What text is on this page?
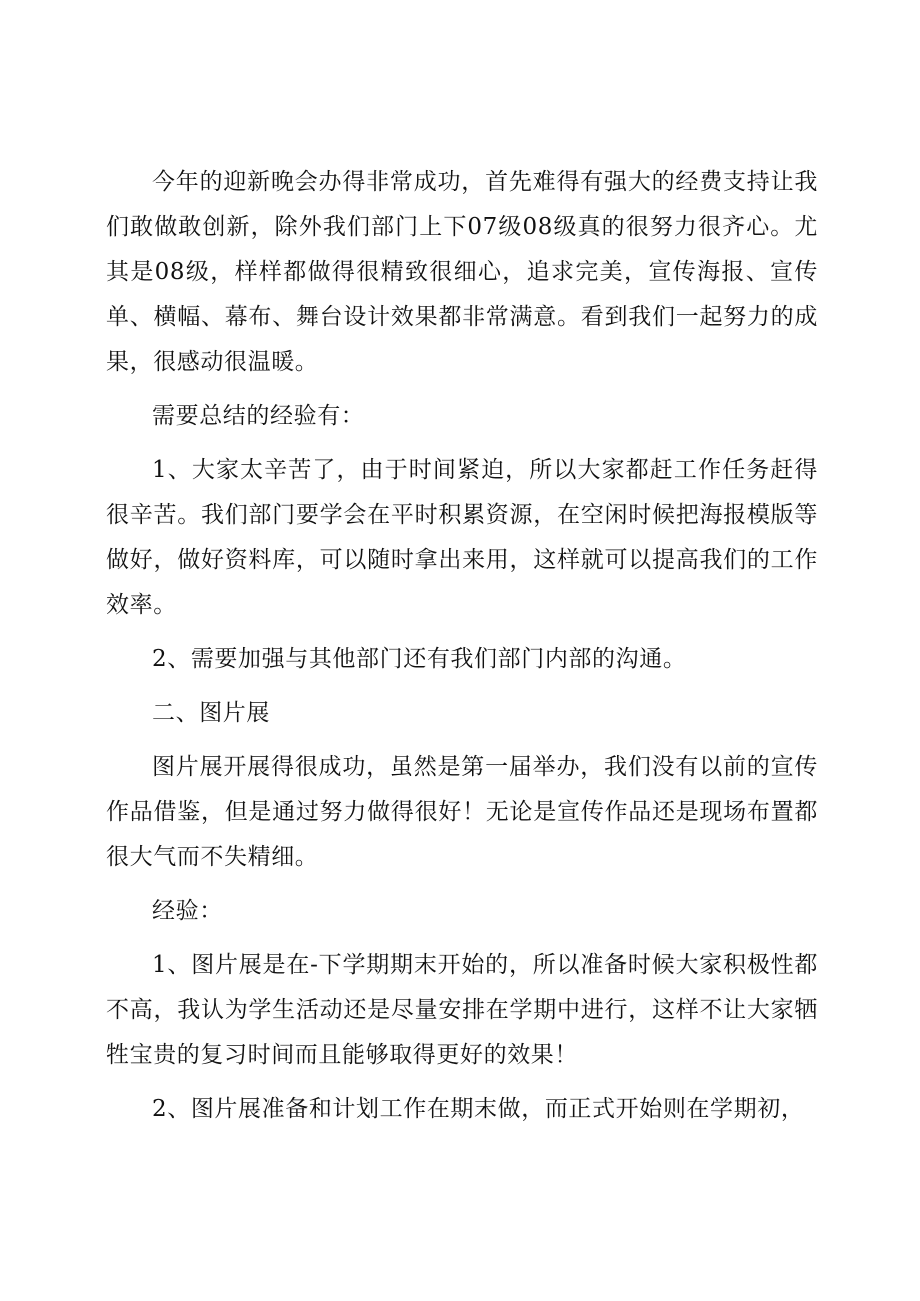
今年的迎新晚会办得非常成功，首先难得有强大的经费支持让我们敢做敢创新，除外我们部门上下07级08级真的很努力很齐心。尤其是08级，样样都做得很精致很细心，追求完美，宣传海报、宣传单、横幅、幕布、舞台设计效果都非常满意。看到我们一起努力的成果，很感动很温暖。

需要总结的经验有：

1、大家太辛苦了，由于时间紧迫，所以大家都赶工作任务赶得很辛苦。我们部门要学会在平时积累资源，在空闲时候把海报模版等做好，做好资料库，可以随时拿出来用，这样就可以提高我们的工作效率。

2、需要加强与其他部门还有我们部门内部的沟通。

二、图片展

图片展开展得很成功，虽然是第一届举办，我们没有以前的宣传作品借鉴，但是通过努力做得很好！无论是宣传作品还是现场布置都很大气而不失精细。

经验：

1、图片展是在-下学期期末开始的，所以准备时候大家积极性都不高，我认为学生活动还是尽量安排在学期中进行，这样不让大家牺牲宝贵的复习时间而且能够取得更好的效果！

2、图片展准备和计划工作在期末做，而正式开始则在学期初，
